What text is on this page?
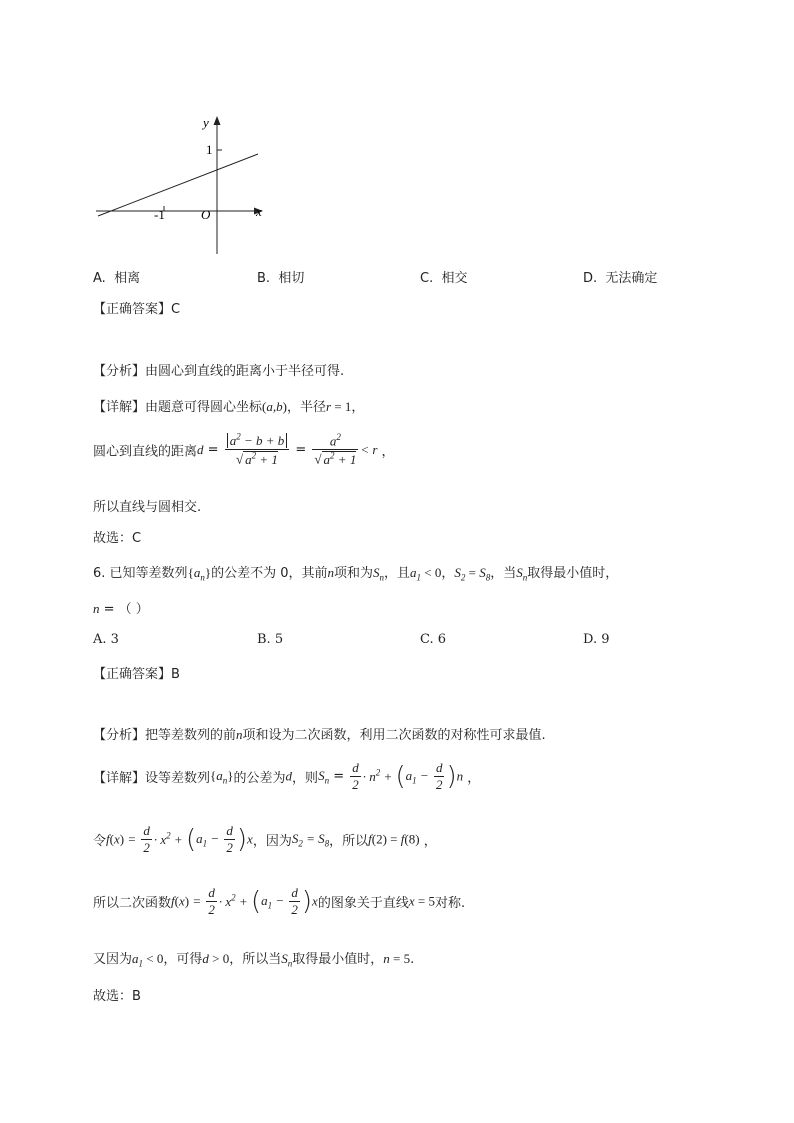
y
x
O
1
-1
A. 相离	B. 相切	C. 相交	D. 无法确定
【正确答案】C
【分析】由圆心到直线的距离小于半径可得.
【详解】由题意可得圆心坐标(a,b)，半径r = 1，
圆心到直线的距离$d = \frac{a^2 - b + b}{√ a^2 + 1} = \frac{a^2}{√ a^2 + 1} < r$ ，
所以直线与圆相交.
故选：C
6. 已知等差数列$\{a_n\}$的公差不为 0，其前n项和为$S_n$，且$a_1 < 0$，$S_2 = S_8$，当$S_n$取得最小值时，
n = （ ）
A. 3	B. 5	C. 6	D. 9
【正确答案】B
【分析】把等差数列的前n项和设为二次函数，利用二次函数的对称性可求最值.
【详解】设等差数列$\{a_n\}$的公差为d，则$S_n = \frac{d}{2} \cdot n^2 + (a_1 - \frac{d}{2} )n$ ，
令$f(x) = \frac{d}{2} \cdot x^2 + (a_1 - \frac{d}{2} )x$，因为$S_2 = S_8$，所以f(2) = f(8) ，
所以二次函数$f(x) = \frac{d}{2} \cdot x^2 + (a_1 - \frac{d}{2} )x$的图象关于直线x = 5对称.
又因为$a_1 < 0$，可得d > 0，所以当$S_n$取得最小值时，n = 5.
故选：B
